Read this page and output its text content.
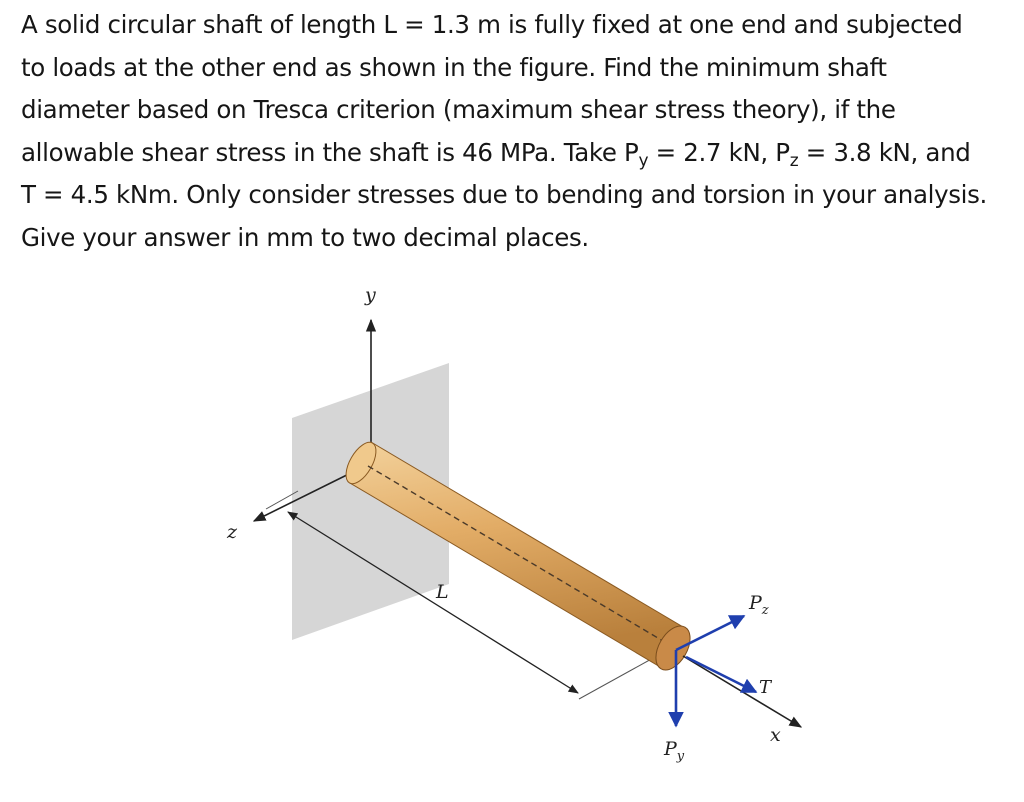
A solid circular shaft of length L = 1.3 m is fully fixed at one end and subjected
to loads at the other end as shown in the figure. Find the minimum shaft
diameter based on Tresca criterion (maximum shear stress theory), if the
allowable shear stress in the shaft is 46 MPa. Take $P_y = 2.7$ kN, $P_z = 3.8$ kN, and
T = 4.5 kNm. Only consider stresses due to bending and torsion in your analysis.
Give your answer in mm to two decimal places.
y
z
x
L	$P_z$
$P_y$
T
